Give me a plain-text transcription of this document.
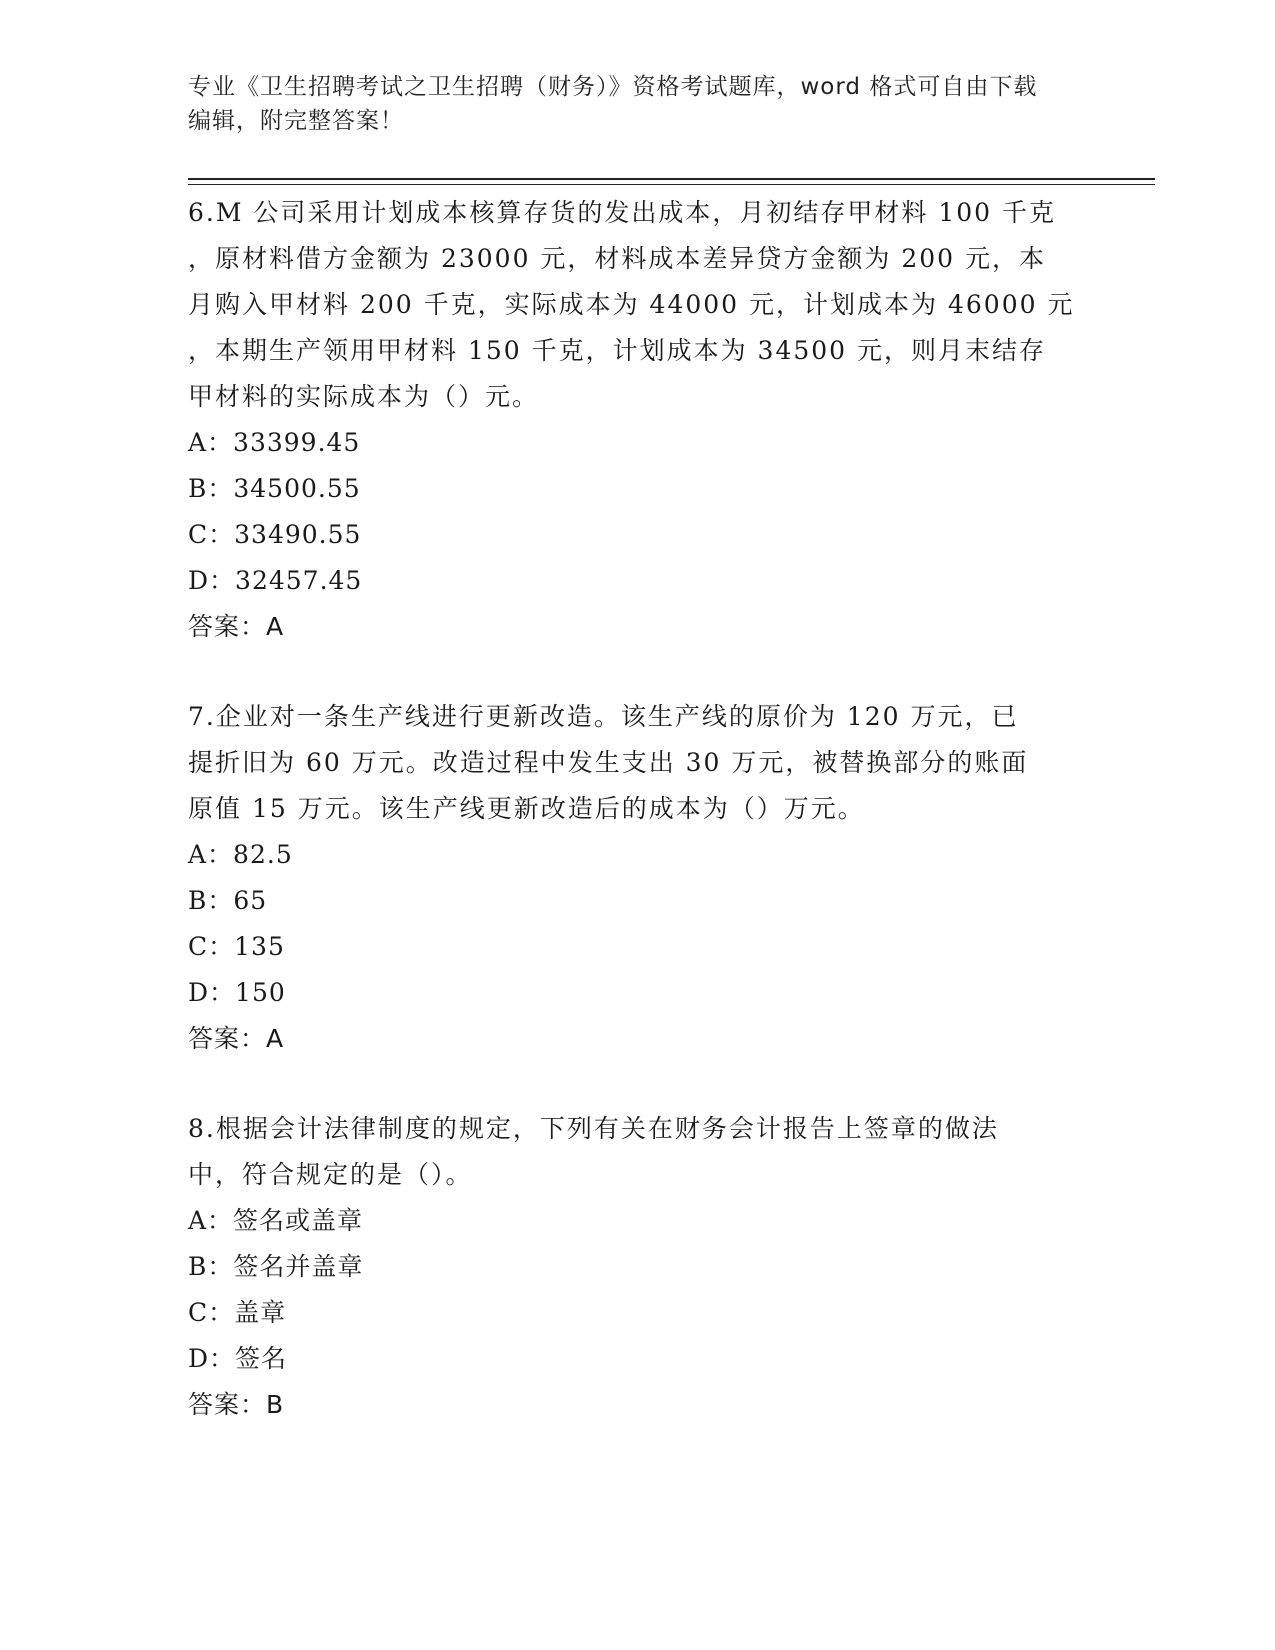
专业《卫生招聘考试之卫生招聘（财务）》资格考试题库，word 格式可自由下载
编辑，附完整答案！

6.M 公司采用计划成本核算存货的发出成本，月初结存甲材料 100 千克

，原材料借方金额为 23000 元，材料成本差异贷方金额为 200 元，本

月购入甲材料 200 千克，实际成本为 44000 元，计划成本为 46000 元

，本期生产领用甲材料 150 千克，计划成本为 34500 元，则月末结存

甲材料的实际成本为（）元。

A：33399.45

B：34500.55

C：33490.55

D：32457.45

答案：A

7.企业对一条生产线进行更新改造。该生产线的原价为 120 万元，已

提折旧为 60 万元。改造过程中发生支出 30 万元，被替换部分的账面

原值 15 万元。该生产线更新改造后的成本为（）万元。

A：82.5

B：65

C：135

D：150

答案：A

8.根据会计法律制度的规定，下列有关在财务会计报告上签章的做法

中，符合规定的是（）。

A：签名或盖章

B：签名并盖章

C：盖章

D：签名

答案：B
